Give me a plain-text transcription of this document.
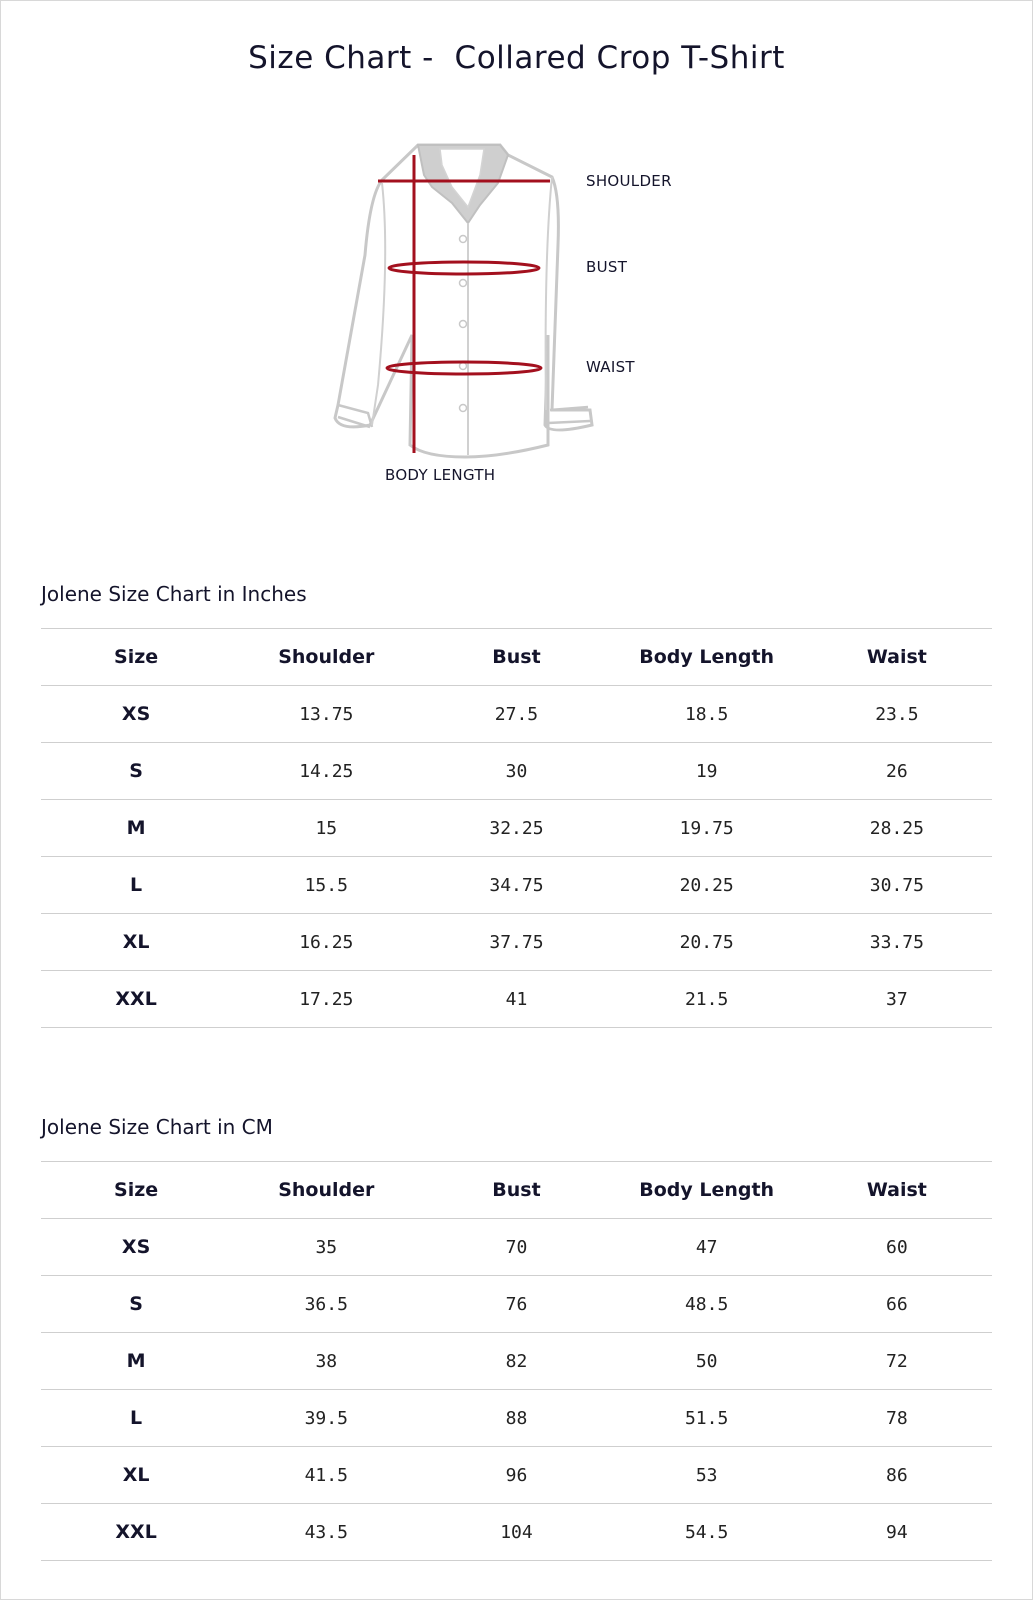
Size Chart -  Collared Crop T-Shirt
SHOULDER
BUST
WAIST
BODY LENGTH
Jolene Size Chart in Inches
Size	Shoulder	Bust	Body Length	Waist
XS	13.75	27.5	18.5	23.5
S	14.25	30	19	26
M	15	32.25	19.75	28.25
L	15.5	34.75	20.25	30.75
XL	16.25	37.75	20.75	33.75
XXL	17.25	41	21.5	37
Jolene Size Chart in CM
Size	Shoulder	Bust	Body Length	Waist
XS	35	70	47	60
S	36.5	76	48.5	66
M	38	82	50	72
L	39.5	88	51.5	78
XL	41.5	96	53	86
XXL	43.5	104	54.5	94
